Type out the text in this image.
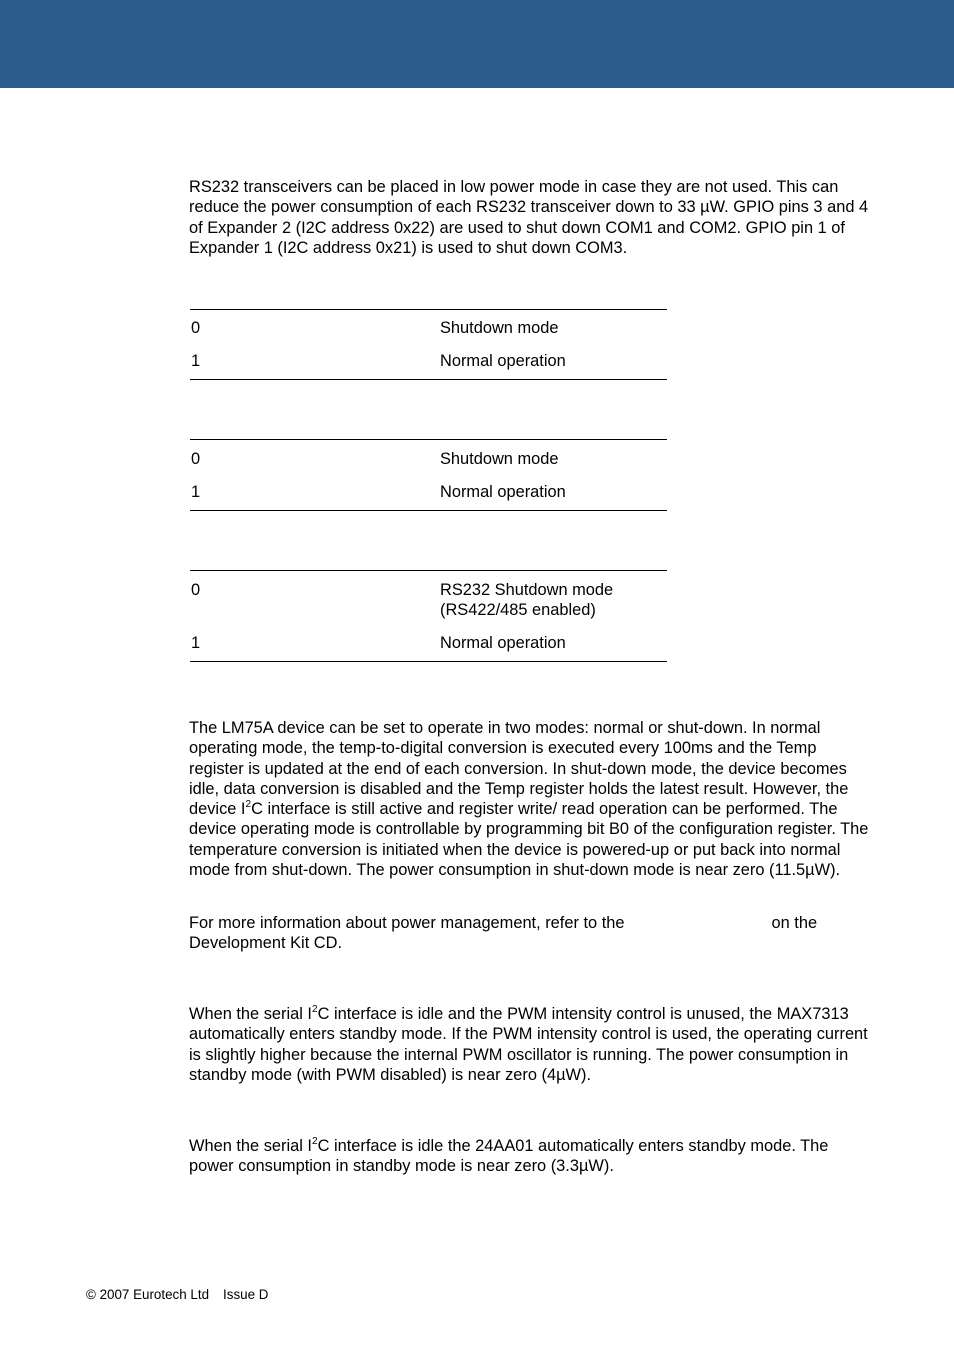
RS232 transceivers can be placed in low power mode in case they are not used. This can reduce the power consumption of each RS232 transceiver down to 33 µW. GPIO pins 3 and 4 of Expander 2 (I2C address 0x22) are used to shut down COM1 and COM2. GPIO pin 1 of Expander 1 (I2C address 0x21) is used to shut down COM3.

0	Shutdown mode
1	Normal operation
0	Shutdown mode
1	Normal operation
0	RS232 Shutdown mode (RS422/485 enabled)
1	Normal operation

The LM75A device can be set to operate in two modes: normal or shut-down. In normal operating mode, the temp-to-digital conversion is executed every 100ms and the Temp register is updated at the end of each conversion. In shut-down mode, the device becomes idle, data conversion is disabled and the Temp register holds the latest result. However, the device $I^2C$ interface is still active and register write/ read operation can be performed. The device operating mode is controllable by programming bit B0 of the configuration register. The temperature conversion is initiated when the device is powered-up or put back into normal mode from shut-down. The power consumption in shut-down mode is near zero (11.5µW).

For more information about power management, refer to the	on the Development Kit CD.

When the serial $I^2C$ interface is idle and the PWM intensity control is unused, the MAX7313 automatically enters standby mode. If the PWM intensity control is used, the operating current is slightly higher because the internal PWM oscillator is running. The power consumption in standby mode (with PWM disabled) is near zero (4µW).

When the serial $I^2C$ interface is idle the 24AA01 automatically enters standby mode. The power consumption in standby mode is near zero (3.3µW).

© 2007 Eurotech Ltd Issue D
